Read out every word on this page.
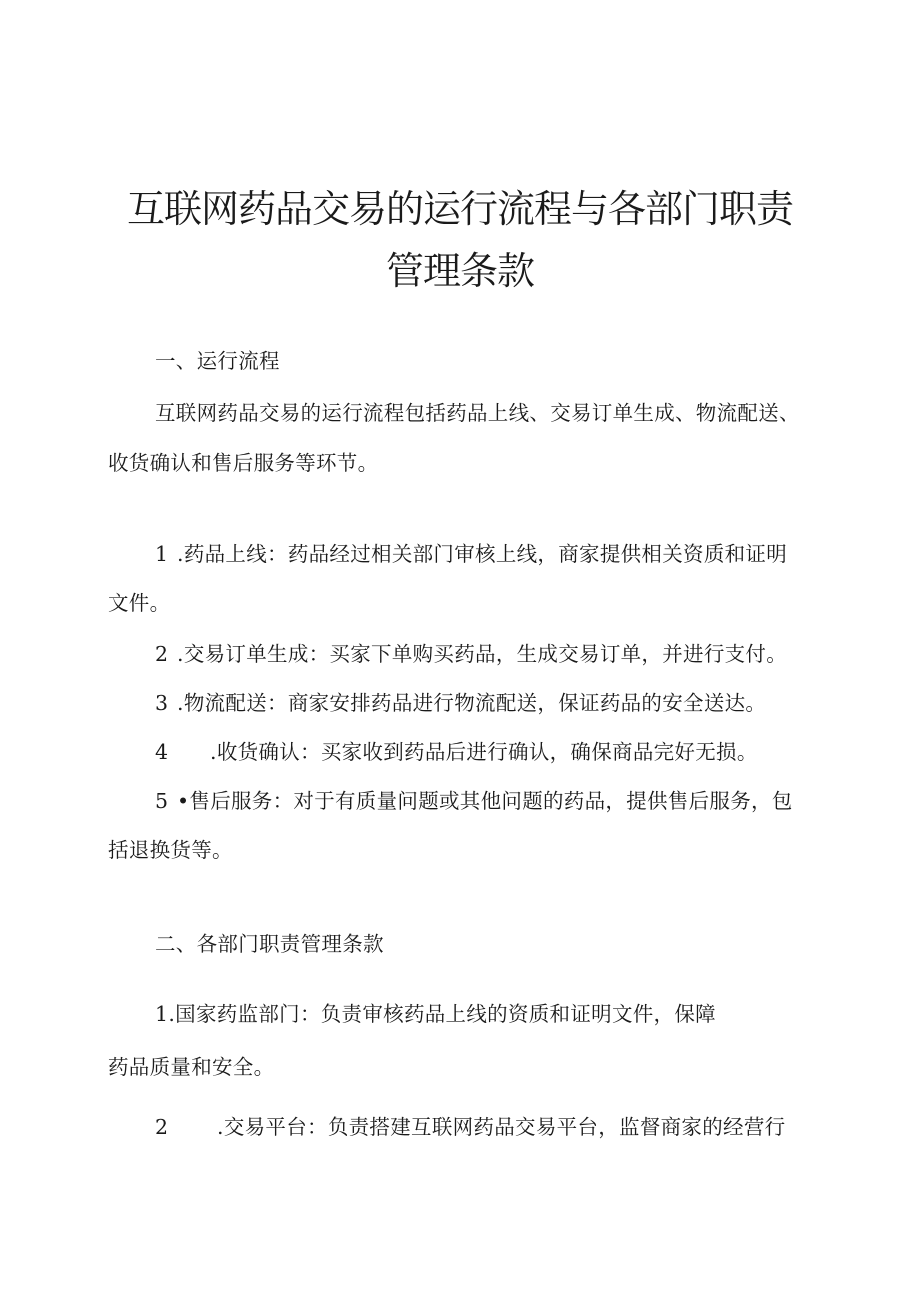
互联网药品交易的运行流程与各部门职责
管理条款
一、运行流程
互联网药品交易的运行流程包括药品上线、交易订单生成、物流配送、
收货确认和售后服务等环节。
1 .药品上线：药品经过相关部门审核上线，商家提供相关资质和证明
文件。
2 .交易订单生成：买家下单购买药品，生成交易订单，并进行支付。
3 .物流配送：商家安排药品进行物流配送，保证药品的安全送达。
4 .收货确认：买家收到药品后进行确认，确保商品完好无损。
5 •售后服务：对于有质量问题或其他问题的药品，提供售后服务，包
括退换货等。
二、各部门职责管理条款
1.国家药监部门：负责审核药品上线的资质和证明文件，保障
药品质量和安全。
2 .交易平台：负责搭建互联网药品交易平台，监督商家的经营行
